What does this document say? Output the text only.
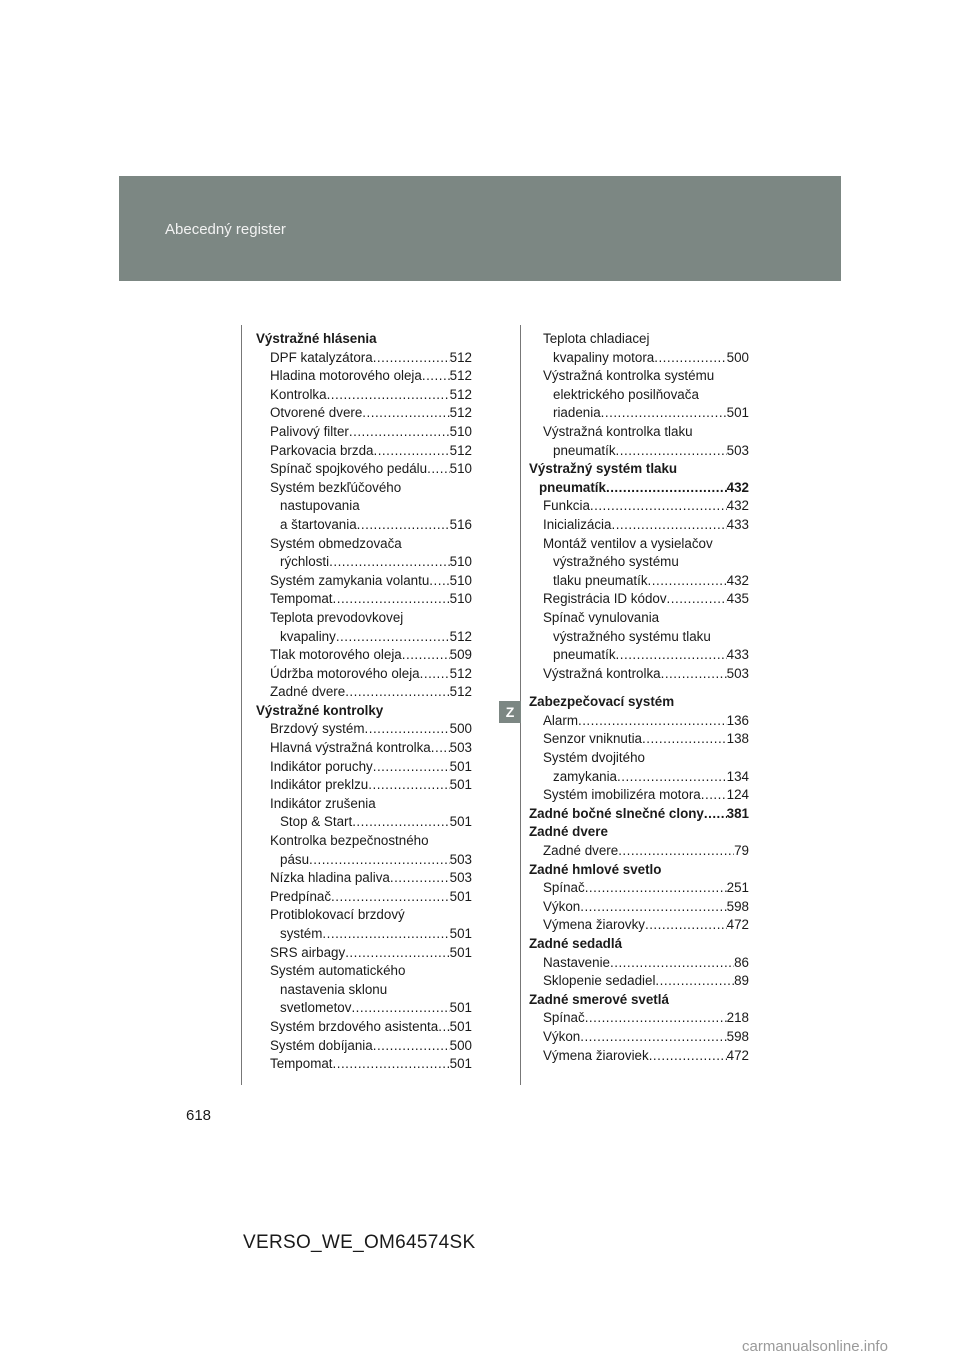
Abecedný register
Výstražné hlásenia
DPF katalyzátora .....	512
Hladina motorového oleja ..... 512
Kontrolka .....	512
Otvorené dvere .....	512
Palivový filter .....	510
Parkovacia brzda .....	512
Spínač spojkového pedálu ..... 510
Systém bezkľúčového
nastupovania
a štartovania .....	516
Systém obmedzovača
rýchlosti .....	510
Systém zamykania volantu ..... 510
Tempomat .....	510
Teplota prevodovkovej
kvapaliny .....	512
Tlak motorového oleja .....	509
Údržba motorového oleja ..... 512
Zadné dvere .....	512
Výstražné kontrolky
Brzdový systém .....	500
Hlavná výstražná kontrolka ..... 503
Indikátor poruchy .....	501
Indikátor preklzu .....	501
Indikátor zrušenia
Stop & Start .....	501
Kontrolka bezpečnostného
pásu .....	503
Nízka hladina paliva .....	503
Predpínač .....	501
Protiblokovací brzdový
systém .....	501
SRS airbagy .....	501
Systém automatického
nastavenia sklonu
svetlometov .....	501
Systém brzdového asistenta ..... 501
Systém dobíjania .....	500
Tempomat .....	501
Teplota chladiacej
kvapaliny motora .....	500
Výstražná kontrolka systému
elektrického posilňovača
riadenia .....	501
Výstražná kontrolka tlaku
pneumatík .....	503
Výstražný systém tlaku
pneumatík .....	432
Funkcia .....	432
Inicializácia .....	433
Montáž ventilov a vysielačov
výstražného systému
tlaku pneumatík .....	432
Registrácia ID kódov .....	435
Spínač vynulovania
výstražného systému tlaku
pneumatík .....	433
Výstražná kontrolka .....	503
Zabezpečovací systém
Alarm .....	136
Senzor vniknutia .....	138
Systém dvojitého
zamykania .....	134
Systém imobilizéra motora ..... 124
Zadné bočné slnečné clony ..... 381
Zadné dvere
Zadné dvere .....	79
Zadné hmlové svetlo
Spínač .....	251
Výkon .....	598
Výmena žiarovky .....	472
Zadné sedadlá
Nastavenie .....	86
Sklopenie sedadiel .....	89
Zadné smerové svetlá
Spínač .....	218
Výkon .....	598
Výmena žiaroviek .....	472
Z
618
VERSO_WE_OM64574SK
carmanualsonline.info
